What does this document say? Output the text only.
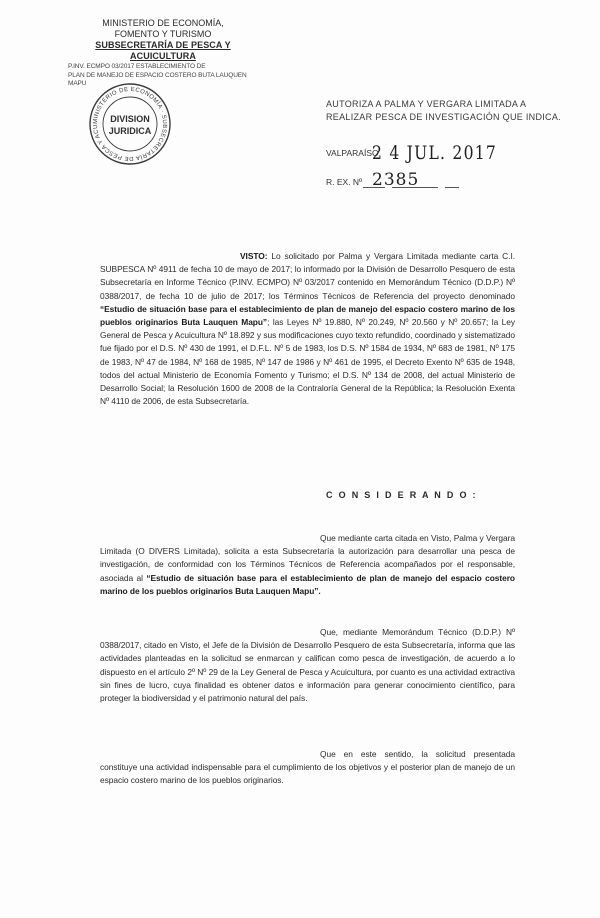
MINISTERIO DE ECONOMÍA,
FOMENTO Y TURISMO
SUBSECRETARÍA DE PESCA Y ACUICULTURA
P.INV. ECMPO 03/2017 ESTABLECIMIENTO DE
PLAN DE MANEJO DE ESPACIO COSTERO BUTA LAUQUEN MAPU
MINISTERIO DE ECONOMÍA · SUBSECRETARÍA DE PESCA Y ACU
DIVISION
JURIDICA
AUTORIZA A PALMA Y VERGARA LIMITADA A REALIZAR PESCA DE INVESTIGACIÓN QUE INDICA.
VALPARAÍSO,
2 4 JUL. 2017
R. EX. Nº 2385
VISTO: Lo solicitado por Palma y Vergara Limitada mediante carta C.I. SUBPESCA Nº 4911 de fecha 10 de mayo de 2017; lo informado por la División de Desarrollo Pesquero de esta Subsecretaría en Informe Técnico (P.INV. ECMPO) Nº 03/2017 contenido en Memorándum Técnico (D.D.P.) Nº 0388/2017, de fecha 10 de julio de 2017; los Términos Técnicos de Referencia del proyecto denominado “Estudio de situación base para el establecimiento de plan de manejo del espacio costero marino de los pueblos originarios Buta Lauquen Mapu”; las Leyes Nº 19.880, Nº 20.249, Nº 20.560 y Nº 20.657; la Ley General de Pesca y Acuicultura Nº 18.892 y sus modificaciones cuyo texto refundido, coordinado y sistematizado fue fijado por el D.S. Nº 430 de 1991, el D.F.L. Nº 5 de 1983, los D.S. Nº 1584 de 1934, Nº 683 de 1981, Nº 175 de 1983, Nº 47 de 1984, Nº 168 de 1985, Nº 147 de 1986 y Nº 461 de 1995, el Decreto Exento Nº 635 de 1948, todos del actual Ministerio de Economía Fomento y Turismo; el D.S. Nº 134 de 2008, del actual Ministerio de Desarrollo Social; la Resolución 1600 de 2008 de la Contraloría General de la República; la Resolución Exenta Nº 4110 de 2006, de esta Subsecretaría.
C O N S I D E R A N D O :
Que mediante carta citada en Visto, Palma y Vergara Limitada (O DIVERS Limitada), solicita a esta Subsecretaría la autorización para desarrollar una pesca de investigación, de conformidad con los Términos Técnicos de Referencia acompañados por el responsable, asociada al “Estudio de situación base para el establecimiento de plan de manejo del espacio costero marino de los pueblos originarios Buta Lauquen Mapu”.
Que, mediante Memorándum Técnico (D.D.P.) Nº 0388/2017, citado en Visto, el Jefe de la División de Desarrollo Pesquero de esta Subsecretaría, informa que las actividades planteadas en la solicitud se enmarcan y califican como pesca de investigación, de acuerdo a lo dispuesto en el artículo 2º Nº 29 de la Ley General de Pesca y Acuicultura, por cuanto es una actividad extractiva sin fines de lucro, cuya finalidad es obtener datos e información para generar conocimiento científico, para proteger la biodiversidad y el patrimonio natural del país.
Que en este sentido, la solicitud presentada constituye una actividad indispensable para el cumplimiento de los objetivos y el posterior plan de manejo de un espacio costero marino de los pueblos originarios.
